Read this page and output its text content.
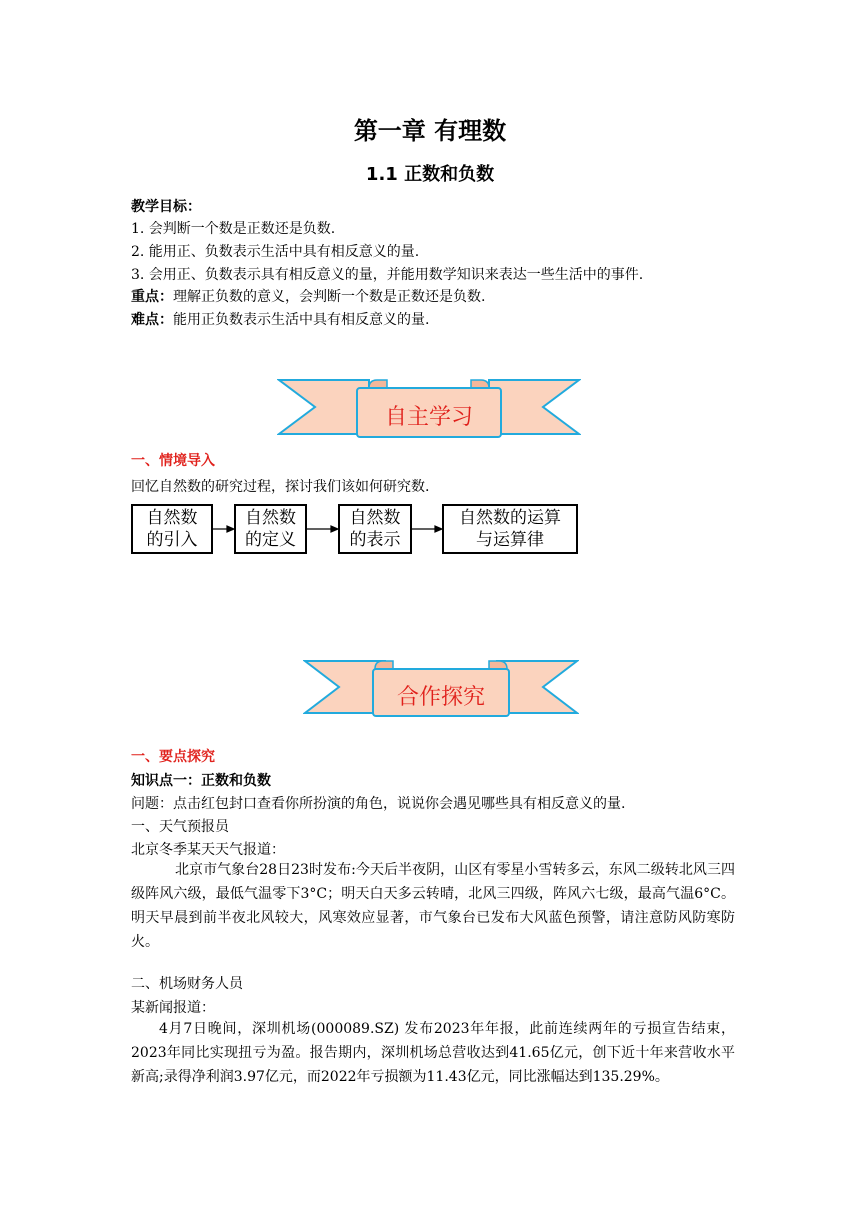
第一章 有理数
1.1 正数和负数
教学目标：
1. 会判断一个数是正数还是负数.
2. 能用正、负数表示生活中具有相反意义的量.
3. 会用正、负数表示具有相反意义的量，并能用数学知识来表达一些生活中的事件.
重点：理解正负数的意义，会判断一个数是正数还是负数.
难点：能用正负数表示生活中具有相反意义的量.
自主学习
一、情境导入
回忆自然数的研究过程，探讨我们该如何研究数.
自然数
的引入
自然数
的定义
自然数
的表示
自然数的运算
与运算律
合作探究
一、要点探究
知识点一：正数和负数
问题：点击红包封口查看你所扮演的角色，说说你会遇见哪些具有相反意义的量.
一、天气预报员
北京冬季某天天气报道：
北京市气象台28日23时发布:今天后半夜阴，山区有零星小雪转多云，东风二级转北风三四级阵风六级，最低气温零下3°C；明天白天多云转晴，北风三四级，阵风六七级，最高气温6°C。明天早晨到前半夜北风较大，风寒效应显著，市气象台已发布大风蓝色预警，请注意防风防寒防火。
二、机场财务人员
某新闻报道：
4月7日晚间，深圳机场(000089.SZ) 发布2023年年报，此前连续两年的亏损宣告结束，2023年同比实现扭亏为盈。报告期内，深圳机场总营收达到41.65亿元，创下近十年来营收水平新高;录得净利润3.97亿元，而2022年亏损额为11.43亿元，同比涨幅达到135.29%。
